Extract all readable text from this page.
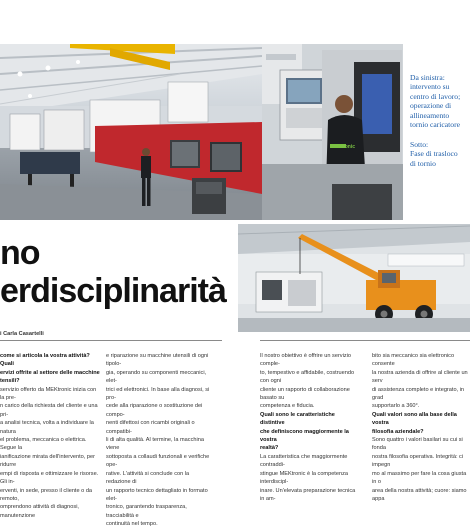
MEKtronic
Da sinistra:
intervento su
centro di lavoro;
operazione di
allineamento
tornio caricatore
Sotto:
Fase di trasloco
di tornio
no
erdisciplinarità
i Carla Casartelli

come si articola la vostra attività? Quali

ervizi offrite al settore delle macchine

tensili?

servizio offerto da MEKtronic inizia con la pre-

n carico della richiesta del cliente e una pri-

a analisi tecnica, volta a individuare la natura

el problema, meccanica o elettrica. Segue la

ianificazione mirata dell'intervento, per ridurre

empi di risposta e ottimizzare le risorse. Gli in-

erventi, in sede, presso il cliente o da remoto,

omprendono attività di diagnosi, manutenzione

e riparazione su macchine utensili di ogni tipolo-

gia, operando su componenti meccanici, elet-

trici ed elettronici. In base alla diagnosi, si pro-

cede alla riparazione o sostituzione dei compo-

nenti difettosi con ricambi originali o compatibi-

li di alta qualità. Al termine, la macchina viene

sottoposta a collaudi funzionali e verifiche ope-

rative. L'attività si conclude con la redazione di

un rapporto tecnico dettagliato in formato elet-

tronico, garantendo trasparenza, tracciabilità e

continuità nel tempo.

Il nostro obiettivo è offrire un servizio comple-

to, tempestivo e affidabile, costruendo con ogni

cliente un rapporto di collaborazione basato su

competenza e fiducia.

Quali sono le caratteristiche distintive

che definiscono maggiormente la vostra

realtà?

La caratteristica che maggiormente contraddi-

stingue MEKtronic è la competenza interdiscipl-

inare. Un'elevata preparazione tecnica in am-

bito sia meccanico sia elettronico consente

la nostra azienda di offrire al cliente un serv

di assistenza completo e integrato, in grad

supportarlo a 360°.

Quali valori sono alla base della vostra

filosofia aziendale?

Sono quattro i valori basilari su cui si fonda

nostra filosofia operativa. Integrità: ci impegn

mo al massimo per fare la cosa giusta in o

area della nostra attività; cuore: siamo appa
